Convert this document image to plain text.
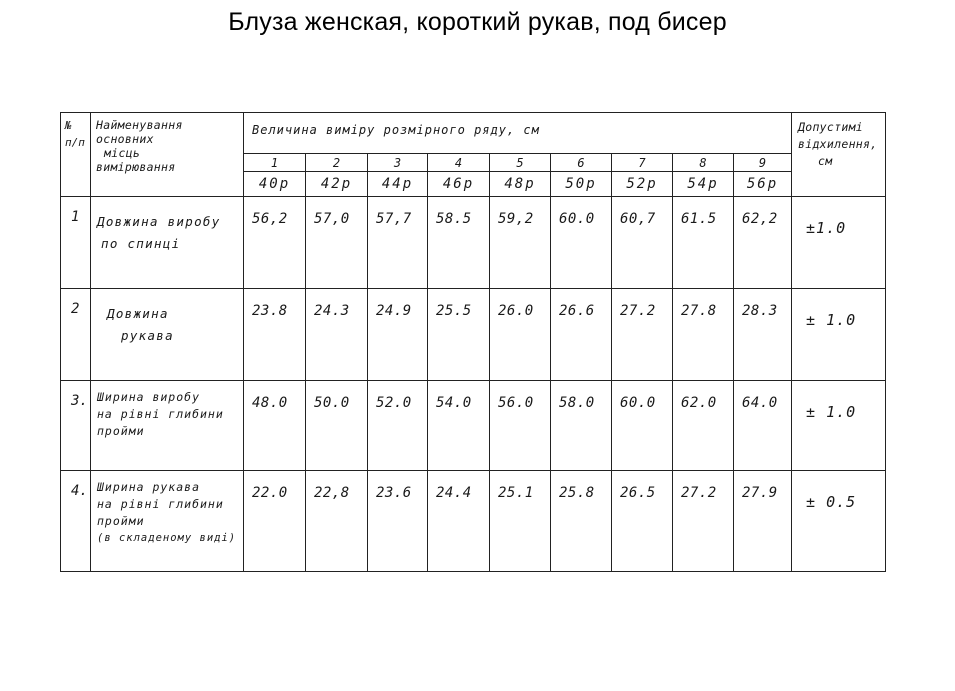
Блуза женская, короткий рукав, под бисер
№
п/п	Найменування
основних
місць
вимірювання	Величина виміру розмірного ряду, см									Допустимі
відхилення,
см

		1	2	3	4	5	6	7	8	9	
		40р	42р	44р	46р	48р	50р	52р	54р	56р	
1	Довжина виробу
по спинці	56,2	57,0	57,7	58.5	59,2	60.0	60,7	61.5	62,2	±1.0
2	Довжина
рукава	23.8	24.3	24.9	25.5	26.0	26.6	27.2	27.8	28.3	± 1.0
3.	Ширина виробу
на рівні глибини
пройми	48.0	50.0	52.0	54.0	56.0	58.0	60.0	62.0	64.0	± 1.0
4.	Ширина рукава
на рівні глибини
пройми
(в складеному виді)	22.0	22,8	23.6	24.4	25.1	25.8	26.5	27.2	27.9	± 0.5
